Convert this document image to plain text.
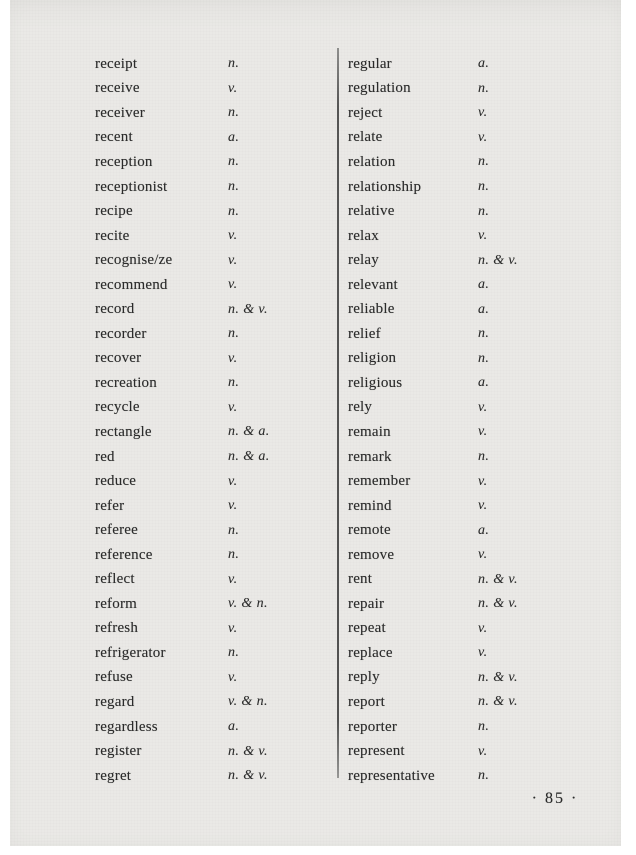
receipt	n.
receive	v.
receiver	n.
recent	a.
reception	n.
receptionist	n.
recipe	n.
recite	v.
recognise/ze	v.
recommend	v.
record	n. & v.
recorder	n.
recover	v.
recreation	n.
recycle	v.
rectangle	n. & a.
red	n. & a.
reduce	v.
refer	v.
referee	n.
reference	n.
reflect	v.
reform	v. & n.
refresh	v.
refrigerator	n.
refuse	v.
regard	v. & n.
regardless	a.
register	n. & v.
regret	n. & v.
regular	a.
regulation	n.
reject	v.
relate	v.
relation	n.
relationship	n.
relative	n.
relax	v.
relay	n. & v.
relevant	a.
reliable	a.
relief	n.
religion	n.
religious	a.
rely	v.
remain	v.
remark	n.
remember	v.
remind	v.
remote	a.
remove	v.
rent	n. & v.
repair	n. & v.
repeat	v.
replace	v.
reply	n. & v.
report	n. & v.
reporter	n.
represent	v.
representative	n.
· 85 ·
